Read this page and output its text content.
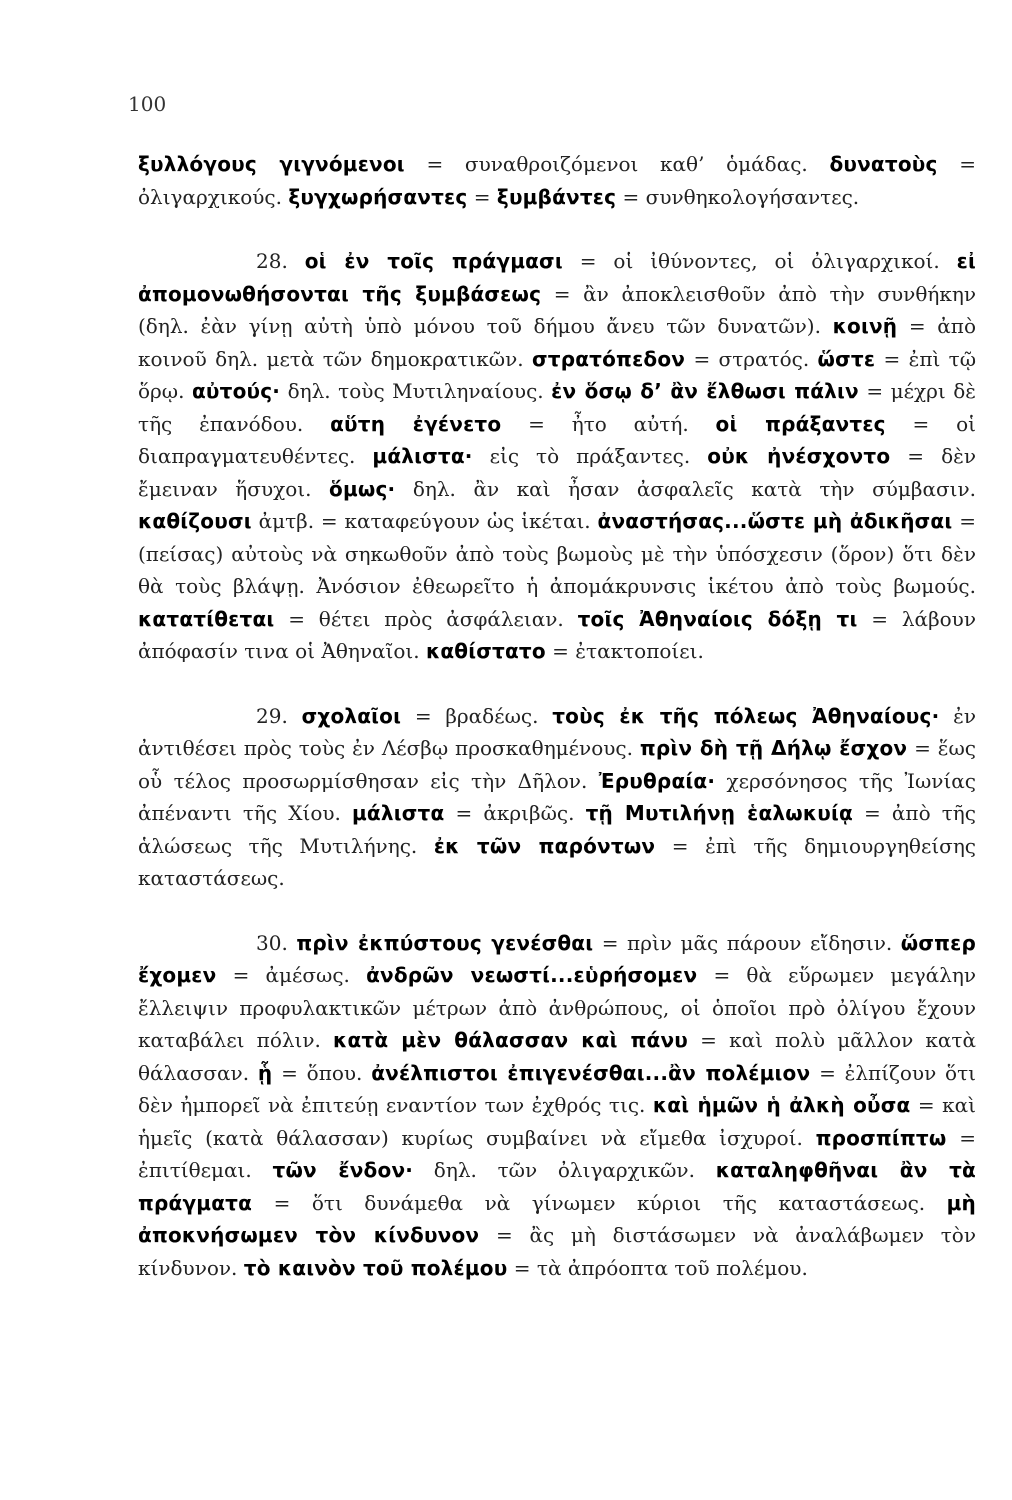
100

ξυλλόγους γιγνόμενοι = συναθροιζόμενοι καθ’ ὁμάδας. δυνατοὺς = ὀλιγαρχικούς. ξυγχωρήσαντες = ξυμβάντες = συνθηκολογήσαντες.

28. οἱ ἐν τοῖς πράγμασι = οἱ ἰθύνοντες, οἱ ὀλιγαρχικοί. εἰ ἀπομονωθήσονται τῆς ξυμβάσεως = ἂν ἀποκλεισθοῦν ἀπὸ τὴν συνθήκην (δηλ. ἐὰν γίνῃ αὐτὴ ὑπὸ μόνου τοῦ δήμου ἄνευ τῶν δυνατῶν). κοινῇ = ἀπὸ κοινοῦ δηλ. μετὰ τῶν δημοκρατικῶν. στρατόπεδον = στρατός. ὥστε = ἐπὶ τῷ ὅρῳ. αὐτούς· δηλ. τοὺς Μυτιληναίους. ἐν ὅσῳ δ’ ἂν ἔλθωσι πάλιν = μέχρι δὲ τῆς ἐπανόδου. αὕτη ἐγένετο = ἦτο αὐτή. οἱ πράξαντες = οἱ διαπραγματευθέντες. μάλιστα· εἰς τὸ πράξαντες. οὐκ ἠνέσχοντο = δὲν ἔμειναν ἥσυχοι. ὅμως· δηλ. ἂν καὶ ἦσαν ἀσφαλεῖς κατὰ τὴν σύμβασιν. καθίζουσι ἀμτβ. = καταφεύγουν ὡς ἱκέται. ἀναστήσας...ὥστε μὴ ἀδικῆσαι = (πείσας) αὐτοὺς νὰ σηκωθοῦν ἀπὸ τοὺς βωμοὺς μὲ τὴν ὑπόσχεσιν (ὅρον) ὅτι δὲν θὰ τοὺς βλάψῃ. Ἀνόσιον ἐθεωρεῖτο ἡ ἀπομάκρυνσις ἱκέτου ἀπὸ τοὺς βωμούς. κατατίθεται = θέτει πρὸς ἀσφάλειαν. τοῖς Ἀθηναίοις δόξῃ τι = λάβουν ἀπόφασίν τινα οἱ Ἀθηναῖοι. καθίστατο = ἐτακτοποίει.

29. σχολαῖοι = βραδέως. τοὺς ἐκ τῆς πόλεως Ἀθηναίους· ἐν ἀντιθέσει πρὸς τοὺς ἐν Λέσβῳ προσκαθημένους. πρὶν δὴ τῇ Δήλῳ ἔσχον = ἕως οὗ τέλος προσωρμίσθησαν εἰς τὴν Δῆλον. Ἐρυθραία· χερσόνησος τῆς Ἰωνίας ἀπέναντι τῆς Χίου. μάλιστα = ἀκριβῶς. τῇ Μυτιλήνῃ ἑαλωκυίᾳ = ἀπὸ τῆς ἁλώσεως τῆς Μυτιλήνης. ἐκ τῶν παρόντων = ἐπὶ τῆς δημιουργηθείσης καταστάσεως.

30. πρὶν ἐκπύστους γενέσθαι = πρὶν μᾶς πάρουν εἴδησιν. ὥσπερ ἔχομεν = ἀμέσως. ἀνδρῶν νεωστί...εὑρήσομεν = θὰ εὕρωμεν μεγάλην ἔλλειψιν προφυλακτικῶν μέτρων ἀπὸ ἀνθρώπους, οἱ ὁποῖοι πρὸ ὀλίγου ἔχουν καταβάλει πόλιν. κατὰ μὲν θάλασσαν καὶ πάνυ = καὶ πολὺ μᾶλλον κατὰ θάλασσαν. ᾗ = ὅπου. ἀνέλπιστοι ἐπιγενέσθαι...ἂν πολέμιον = ἐλπίζουν ὅτι δὲν ἠμπορεῖ νὰ ἐπιτεύῃ εναντίον των ἐχθρός τις. καὶ ἡμῶν ἡ ἀλκὴ οὖσα = καὶ ἡμεῖς (κατὰ θάλασσαν) κυρίως συμβαίνει νὰ εἴμεθα ἰσχυροί. προσπίπτω = ἐπιτίθεμαι. τῶν ἔνδον· δηλ. τῶν ὀλιγαρχικῶν. καταληφθῆναι ἂν τὰ πράγματα = ὅτι δυνάμεθα νὰ γίνωμεν κύριοι τῆς καταστάσεως. μὴ ἀποκνήσωμεν τὸν κίνδυνον = ἂς μὴ διστάσωμεν νὰ ἀναλάβωμεν τὸν κίνδυνον. τὸ καινὸν τοῦ πολέμου = τὰ ἀπρόοπτα τοῦ πολέμου.
